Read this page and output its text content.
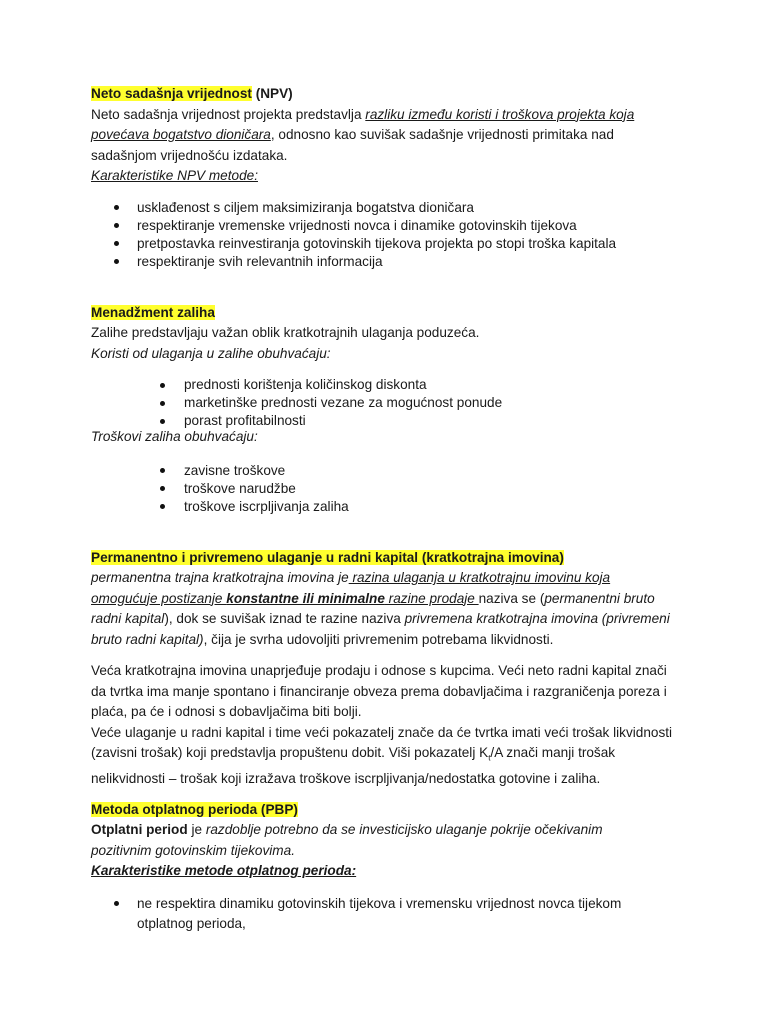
Neto sadašnja vrijednost (NPV)
Neto sadašnja vrijednost projekta predstavlja razliku između koristi i troškova projekta koja povećava bogatstvo dioničara, odnosno kao suvišak sadašnje vrijednosti primitaka nad sadašnjom vrijednošću izdataka.
Karakteristike NPV metode:
usklađenost s ciljem maksimiziranja bogatstva dioničara
respektiranje vremenske vrijednosti novca i dinamike gotovinskih tijekova
pretpostavka reinvestiranja gotovinskih tijekova projekta po stopi troška kapitala
respektiranje svih relevantnih informacija
Menadžment zaliha
Zalihe predstavljaju važan oblik kratkotrajnih ulaganja poduzeća.
Koristi od ulaganja u zalihe obuhvaćaju:
prednosti korištenja količinskog diskonta
marketinške prednosti vezane za mogućnost ponude
porast profitabilnosti
Troškovi zaliha obuhvaćaju:
zavisne troškove
troškove narudžbe
troškove iscrpljivanja zaliha
Permanentno i privremeno ulaganje u radni kapital (kratkotrajna imovina)
permanentna trajna kratkotrajna imovina je razina ulaganja u kratkotrajnu imovinu koja omogućuje postizanje konstantne ili minimalne razine prodaje naziva se (permanentni bruto radni kapital), dok se suvišak iznad te razine naziva privremena kratkotrajna imovina (privremeni bruto radni kapital), čija je svrha udovoljiti privremenim potrebama likvidnosti.
Veća kratkotrajna imovina unaprjeđuje prodaju i odnose s kupcima. Veći neto radni kapital znači da tvrtka ima manje spontano i financiranje obveza prema dobavljačima i razgraničenja poreza i plaća, pa će i odnosi s dobavljačima biti bolji.
Veće ulaganje u radni kapital i time veći pokazatelj znače da će tvrtka imati veći trošak likvidnosti (zavisni trošak) koji predstavlja propuštenu dobit. Viši pokazatelj $K_t/A$ znači manji trošak nelikvidnosti – trošak koji izražava troškove iscrpljivanja/nedostatka gotovine i zaliha.
Metoda otplatnog perioda (PBP)
Otplatni period je razdoblje potrebno da se investicijsko ulaganje pokrije očekivanim pozitivnim gotovinskim tijekovima.
Karakteristike metode otplatnog perioda:
ne respektira dinamiku gotovinskih tijekova i vremensku vrijednost novca tijekom otplatnog perioda,
